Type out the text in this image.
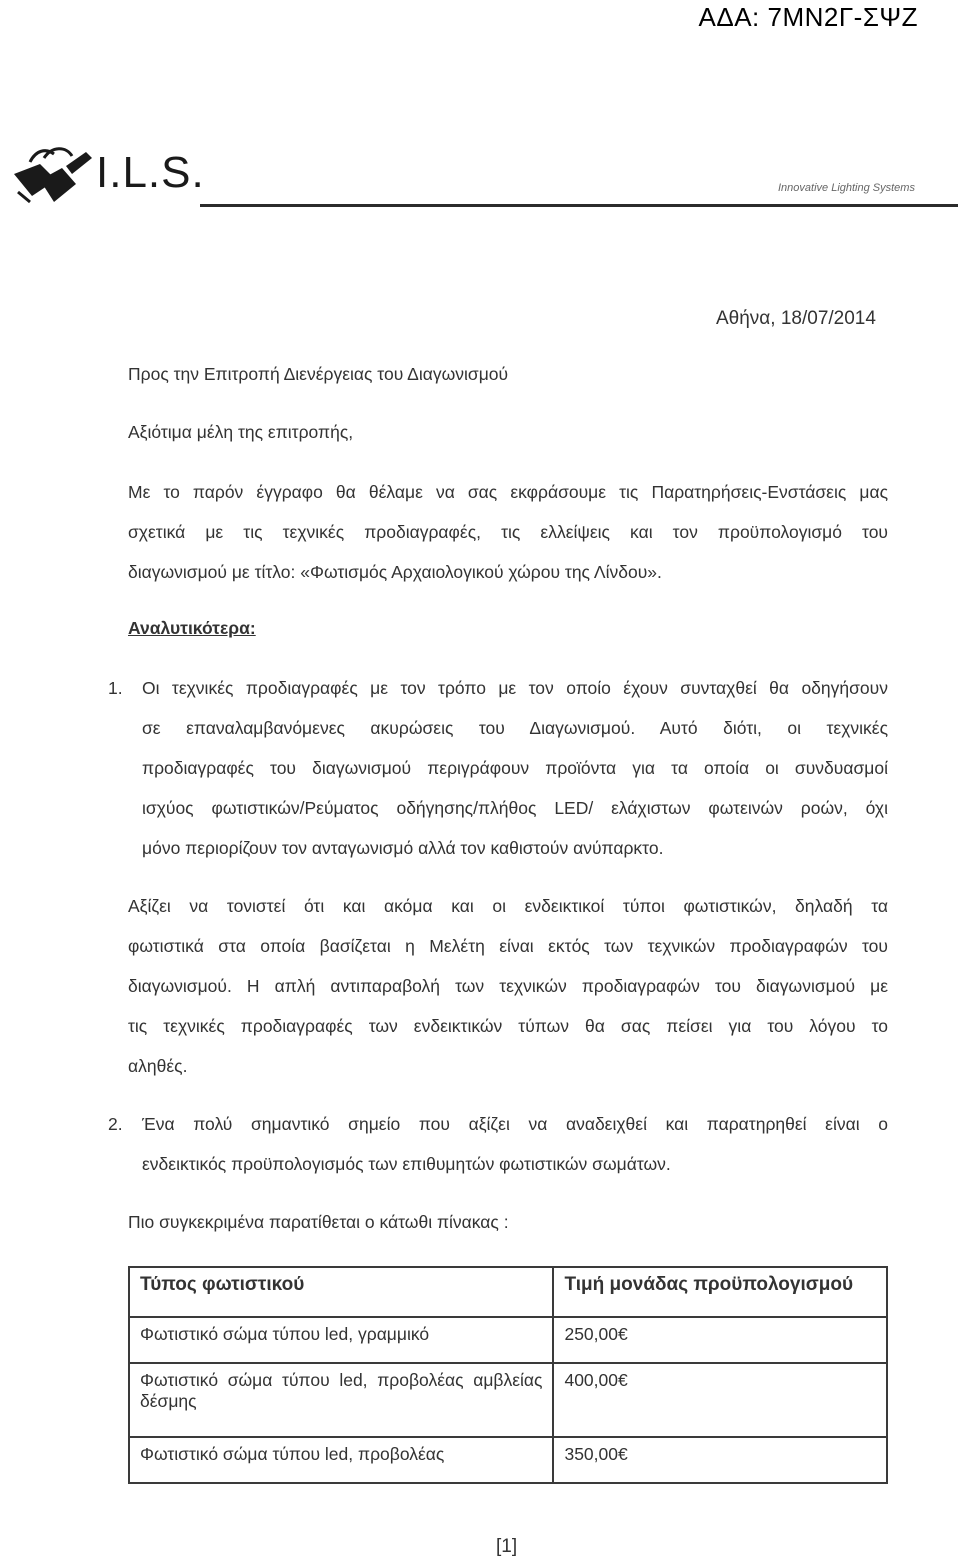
ΑΔΑ: 7ΜΝ2Γ-ΣΨΖ
I.L.S.	Innovative Lighting Systems
Αθήνα, 18/07/2014

Προς την Επιτροπή Διενέργειας του Διαγωνισμού

Αξιότιμα μέλη της επιτροπής,

Με το παρόν έγγραφο θα θέλαμε να σας εκφράσουμε τις Παρατηρήσεις-Ενστάσεις μας

σχετικά με τις τεχνικές προδιαγραφές, τις ελλείψεις και τον προϋπολογισμό του

διαγωνισμού με τίτλο: «Φωτισμός Αρχαιολογικού χώρου της Λίνδου».

Αναλυτικότερα:
1. Οι τεχνικές προδιαγραφές με τον τρόπο με τον οποίο έχουν συνταχθεί θα οδηγήσουν

σε επαναλαμβανόμενες ακυρώσεις του Διαγωνισμού. Αυτό διότι, οι τεχνικές

προδιαγραφές του διαγωνισμού περιγράφουν προϊόντα για τα οποία οι συνδυασμοί

ισχύος φωτιστικών/Ρεύματος οδήγησης/πλήθος LED/ ελάχιστων φωτεινών ροών, όχι

μόνο περιορίζουν τον ανταγωνισμό αλλά τον καθιστούν ανύπαρκτο.

Αξίζει να τονιστεί ότι και ακόμα και οι ενδεικτικοί τύποι φωτιστικών, δηλαδή τα

φωτιστικά στα οποία βασίζεται η Μελέτη είναι εκτός των τεχνικών προδιαγραφών του

διαγωνισμού. Η απλή αντιπαραβολή των τεχνικών προδιαγραφών του διαγωνισμού με

τις τεχνικές προδιαγραφές των ενδεικτικών τύπων θα σας πείσει για του λόγου το

αληθές.

2. Ένα πολύ σημαντικό σημείο που αξίζει να αναδειχθεί και παρατηρηθεί είναι ο

ενδεικτικός προϋπολογισμός των επιθυμητών φωτιστικών σωμάτων.

Πιο συγκεκριμένα παρατίθεται ο κάτωθι πίνακας :

Τύπος φωτιστικού	Τιμή μονάδας προϋπολογισμού
Φωτιστικό σώμα τύπου led, γραμμικό	250,00€
Φωτιστικό σώμα τύπου led, προβολέας αμβλείας δέσμης	400,00€
Φωτιστικό σώμα τύπου led, προβολέας	350,00€
[1]
